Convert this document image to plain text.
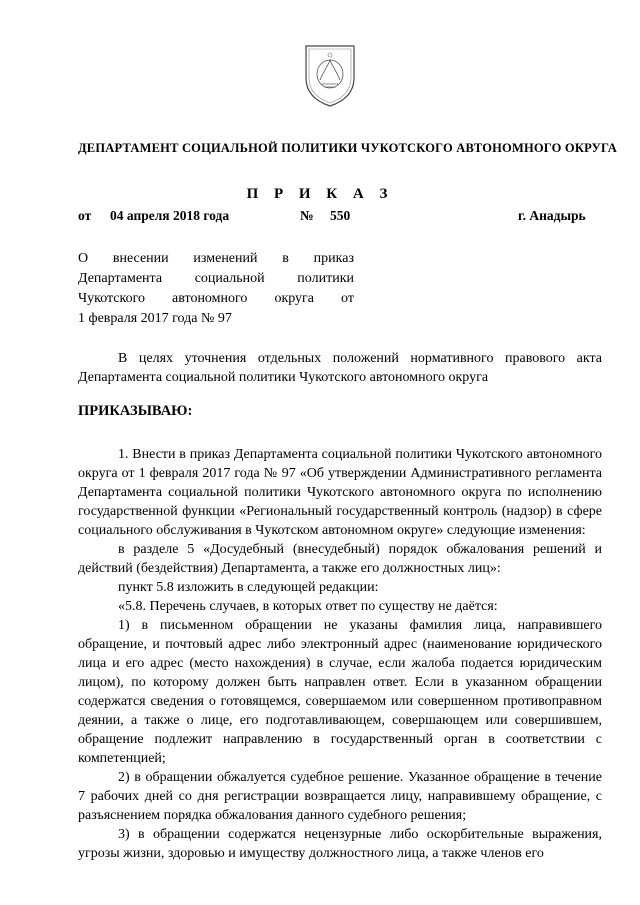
ДЕПАРТАМЕНТ СОЦИАЛЬНОЙ ПОЛИТИКИ ЧУКОТСКОГО АВТОНОМНОГО ОКРУГА
П Р И К А З
от 04 апреля 2018 года	№ 550	г. Анадырь
О внесении изменений в приказ
Департамента социальной политики
Чукотского автономного округа от
1 февраля 2017 года № 97

В целях уточнения отдельных положений нормативного правового акта Департамента социальной политики Чукотского автономного округа

ПРИКАЗЫВАЮ:

1. Внести в приказ Департамента социальной политики Чукотского автономного округа от 1 февраля 2017 года № 97 «Об утверждении Административного регламента Департамента социальной политики Чукотского автономного округа по исполнению государственной функции «Региональный государственный контроль (надзор) в сфере социального обслуживания в Чукотском автономном округе» следующие изменения:

в разделе 5 «Досудебный (внесудебный) порядок обжалования решений и действий (бездействия) Департамента, а также его должностных лиц»:

пункт 5.8 изложить в следующей редакции:

«5.8. Перечень случаев, в которых ответ по существу не даётся:

1) в письменном обращении не указаны фамилия лица, направившего обращение, и почтовый адрес либо электронный адрес (наименование юридического лица и его адрес (место нахождения) в случае, если жалоба подается юридическим лицом), по которому должен быть направлен ответ. Если в указанном обращении содержатся сведения о готовящемся, совершаемом или совершенном противоправном деянии, а также о лице, его подготавливающем, совершающем или совершившем, обращение подлежит направлению в государственный орган в соответствии с компетенцией;

2) в обращении обжалуется судебное решение. Указанное обращение в течение 7 рабочих дней со дня регистрации возвращается лицу, направившему обращение, с разъяснением порядка обжалования данного судебного решения;

3) в обращении содержатся нецензурные либо оскорбительные выражения, угрозы жизни, здоровью и имуществу должностного лица, а также членов его
